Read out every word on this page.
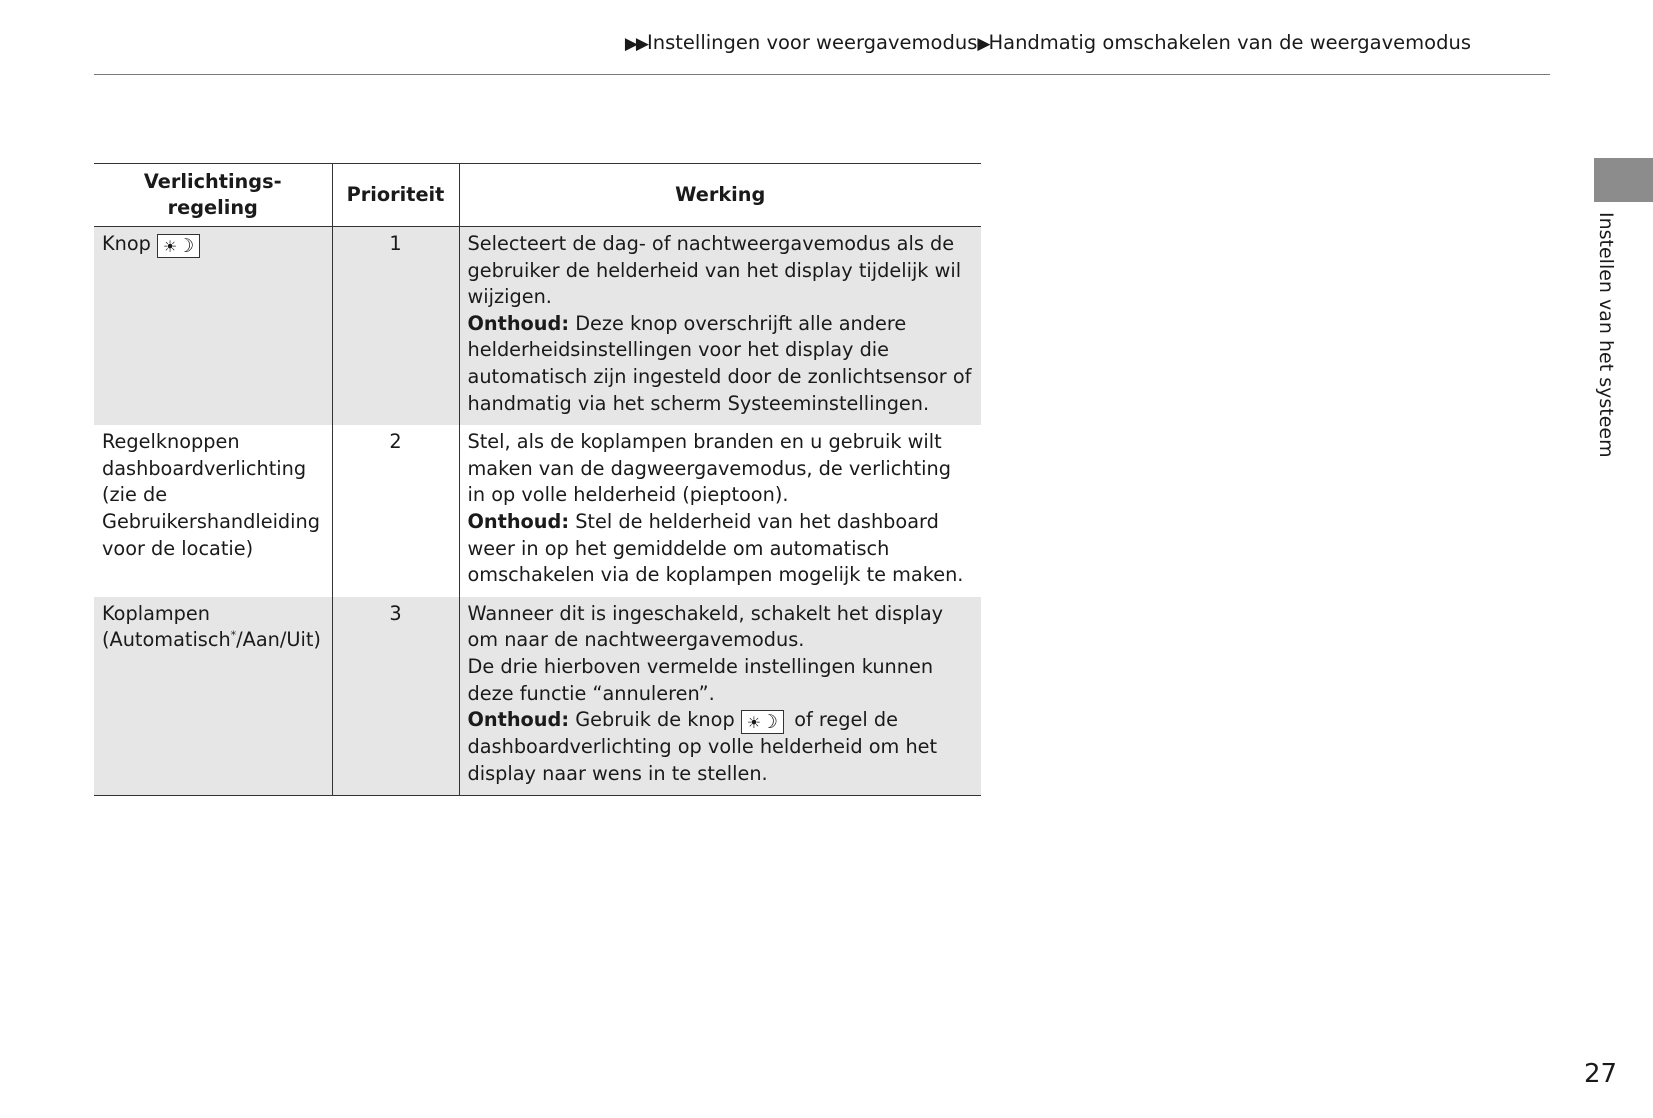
▶▶Instellingen voor weergavemodus▶Handmatig omschakelen van de weergavemodus
Instellen van het systeem
Verlichtings-
regeling	Prioriteit	Werking
Knop ☀☽	1	Selecteert de dag- of nachtweergavemodus als de gebruiker de helderheid van het display tijdelijk wil wijzigen.
Onthoud: Deze knop overschrijft alle andere helderheidsinstellingen voor het display die automatisch zijn ingesteld door de zonlichtsensor of handmatig via het scherm Systeeminstellingen.
Regelknoppen dashboardverlichting (zie de Gebruikershandleiding voor de locatie)	2	Stel, als de koplampen branden en u gebruik wilt maken van de dagweergavemodus, de verlichting in op volle helderheid (pieptoon).
Onthoud: Stel de helderheid van het dashboard weer in op het gemiddelde om automatisch omschakelen via de koplampen mogelijk te maken.
Koplampen
(Automatisch*/Aan/Uit)	3	Wanneer dit is ingeschakeld, schakelt het display om naar de nachtweergavemodus.
De drie hierboven vermelde instellingen kunnen deze functie “annuleren”.
Onthoud: Gebruik de knop ☀☽ of regel de dashboardverlichting op volle helderheid om het display naar wens in te stellen.
27
